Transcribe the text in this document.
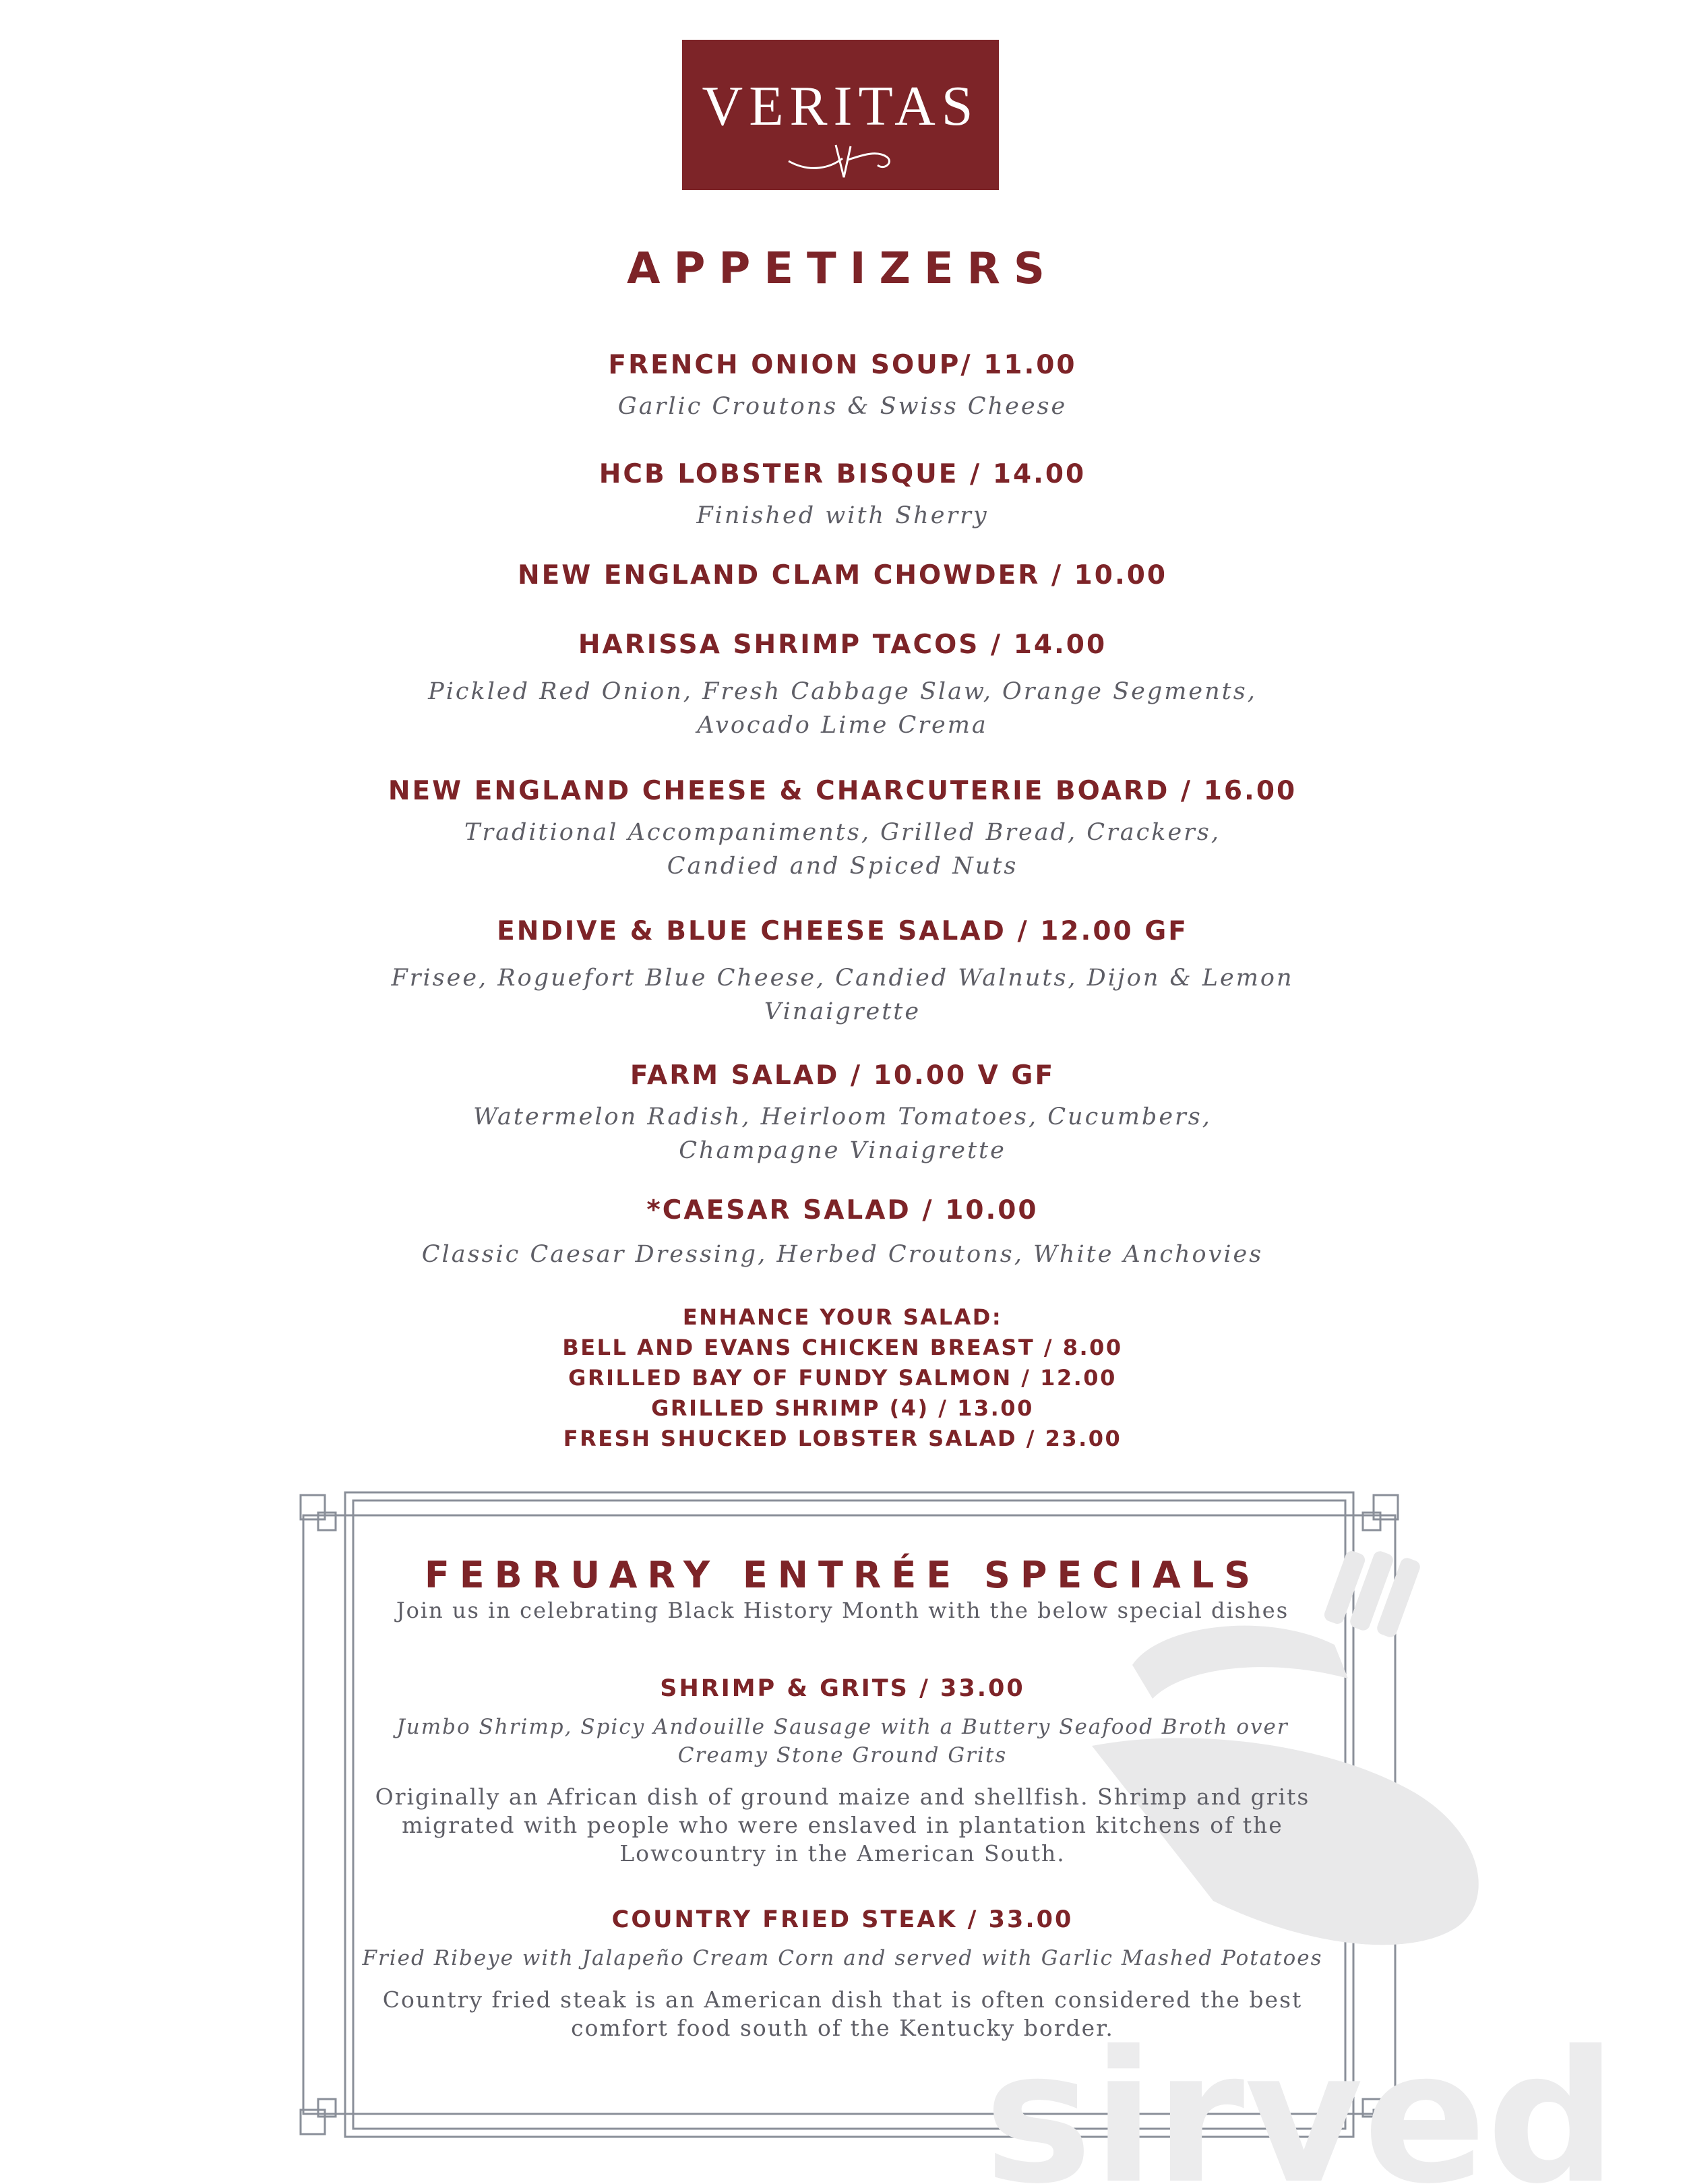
VERITAS
APPETIZERS
FRENCH ONION SOUP/ 11.00
Garlic Croutons & Swiss Cheese
HCB LOBSTER BISQUE / 14.00
Finished with Sherry
NEW ENGLAND CLAM CHOWDER / 10.00
HARISSA SHRIMP TACOS / 14.00
Pickled Red Onion, Fresh Cabbage Slaw, Orange Segments,
Avocado Lime Crema
NEW ENGLAND CHEESE & CHARCUTERIE BOARD / 16.00
Traditional Accompaniments, Grilled Bread, Crackers,
Candied and Spiced Nuts
ENDIVE & BLUE CHEESE SALAD / 12.00 GF
Frisee, Roguefort Blue Cheese, Candied Walnuts, Dijon & Lemon
Vinaigrette
FARM SALAD / 10.00 V GF
Watermelon Radish, Heirloom Tomatoes, Cucumbers,
Champagne Vinaigrette
*CAESAR SALAD / 10.00
Classic Caesar Dressing, Herbed Croutons, White Anchovies
ENHANCE YOUR SALAD:
BELL AND EVANS CHICKEN BREAST / 8.00
GRILLED BAY OF FUNDY SALMON / 12.00
GRILLED SHRIMP (4) / 13.00
FRESH SHUCKED LOBSTER SALAD / 23.00
sirved
FEBRUARY ENTRÉE SPECIALS
Join us in celebrating Black History Month with the below special dishes
SHRIMP & GRITS / 33.00
Jumbo Shrimp, Spicy Andouille Sausage with a Buttery Seafood Broth over
Creamy Stone Ground Grits
Originally an African dish of ground maize and shellfish. Shrimp and grits
migrated with people who were enslaved in plantation kitchens of the
Lowcountry in the American South.
COUNTRY FRIED STEAK / 33.00
Fried Ribeye with Jalapeño Cream Corn and served with Garlic Mashed Potatoes
Country fried steak is an American dish that is often considered the best
comfort food south of the Kentucky border.
